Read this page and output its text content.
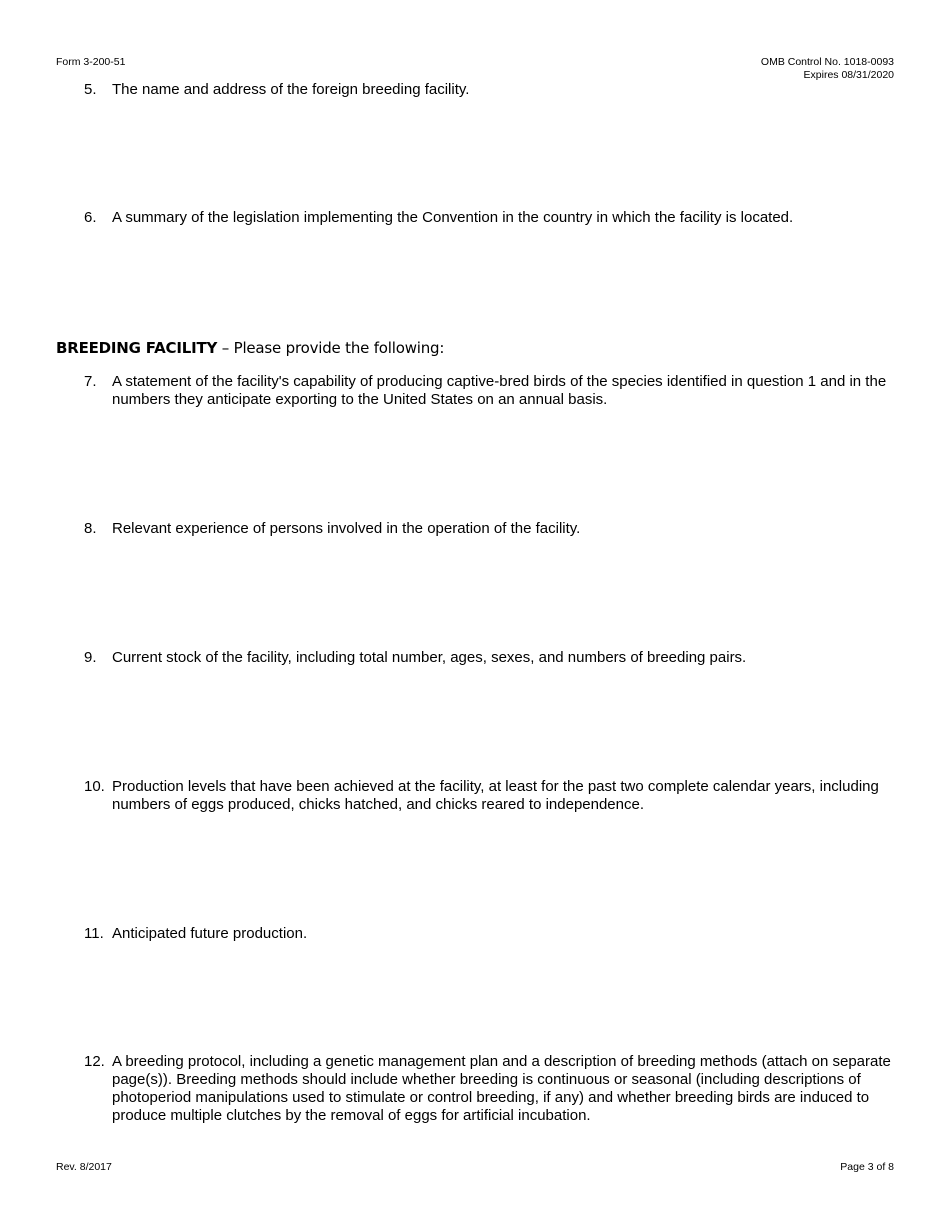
Form 3-200-51	OMB Control No. 1018-0093
Expires 08/31/2020
5.	The name and address of the foreign breeding facility.
6.	A summary of the legislation implementing the Convention in the country in which the facility is located.
BREEDING FACILITY – Please provide the following:
7.	A statement of the facility's capability of producing captive-bred birds of the species identified in question 1 and in the numbers they anticipate exporting to the United States on an annual basis.
8.	Relevant experience of persons involved in the operation of the facility.
9.	Current stock of the facility, including total number, ages, sexes, and numbers of breeding pairs.
10. Production levels that have been achieved at the facility, at least for the past two complete calendar years, including numbers of eggs produced, chicks hatched, and chicks reared to independence.
11. Anticipated future production.
12. A breeding protocol, including a genetic management plan and a description of breeding methods (attach on separate page(s)). Breeding methods should include whether breeding is continuous or seasonal (including descriptions of photoperiod manipulations used to stimulate or control breeding, if any) and whether breeding birds are induced to produce multiple clutches by the removal of eggs for artificial incubation.
Rev. 8/2017	Page 3 of 8
